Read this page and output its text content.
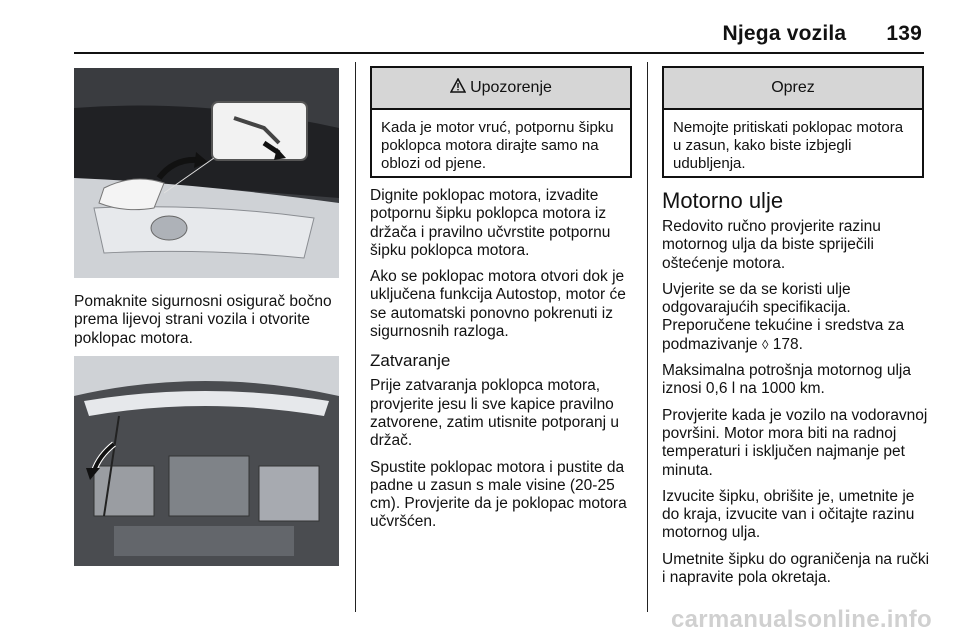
Njega vozila 139
Pomaknite sigurnosni osigurač bočno prema lijevoj strani vozila i otvorite poklopac motora.
Upozorenje
Kada je motor vruć, potpornu šipku poklopca motora dirajte samo na oblozi od pjene.

Dignite poklopac motora, izvadite potpornu šipku poklopca motora iz držača i pravilno učvrstite potpornu šipku poklopca motora.

Ako se poklopac motora otvori dok je uključena funkcija Autostop, motor će se automatski ponovno pokrenuti iz sigurnosnih razloga.

Zatvaranje

Prije zatvaranja poklopca motora, provjerite jesu li sve kapice pravilno zatvorene, zatim utisnite potporanj u držač.

Spustite poklopac motora i pustite da padne u zasun s male visine (20-25 cm). Provjerite da je poklopac motora učvršćen.

Oprez
Nemojte pritiskati poklopac motora u zasun, kako biste izbjegli udubljenja.
Motorno ulje

Redovito ručno provjerite razinu motornog ulja da biste spriječili oštećenje motora.

Uvjerite se da se koristi ulje odgovarajućih specifikacija.

Preporučene tekućine i sredstva za podmazivanje ◊ 178.

Maksimalna potrošnja motornog ulja iznosi 0,6 l na 1000 km.

Provjerite kada je vozilo na vodoravnoj površini. Motor mora biti na radnoj temperaturi i isključen najmanje pet minuta.

Izvucite šipku, obrišite je, umetnite je do kraja, izvucite van i očitajte razinu motornog ulja.

Umetnite šipku do ograničenja na ručki i napravite pola okretaja.

carmanualsonline.info
